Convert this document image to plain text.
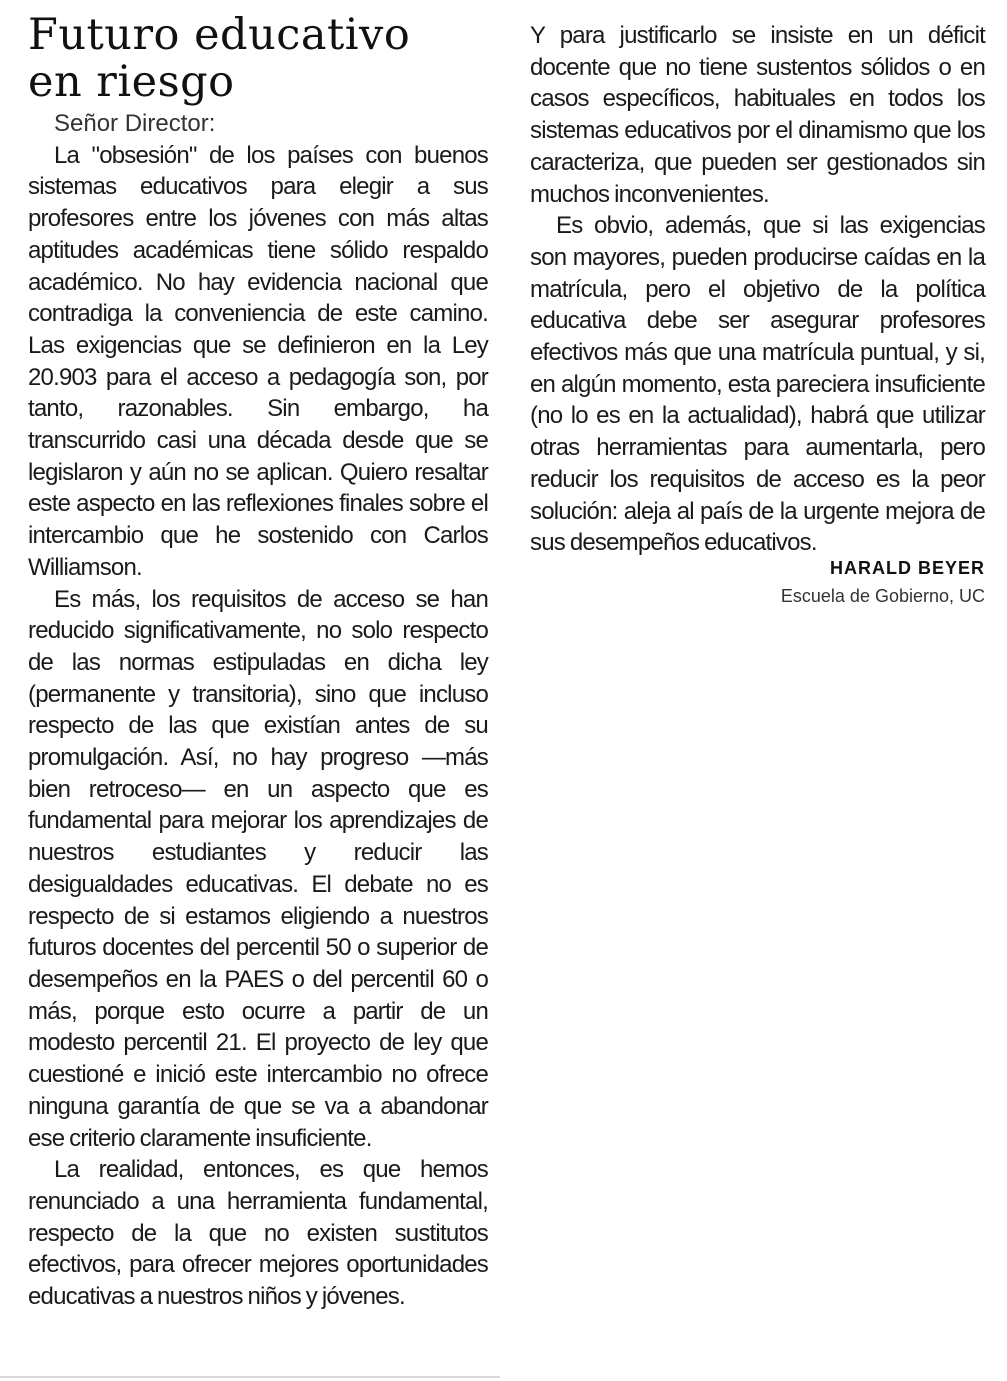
Futuro educativo
en riesgo
Señor Director:

La "obsesión" de los países con buenos sistemas educativos para elegir a sus profesores entre los jóvenes con más altas aptitudes académicas tiene sólido respaldo académico. No hay evidencia nacional que contradiga la conveniencia de este camino. Las exigencias que se definieron en la Ley 20.903 para el acceso a pedagogía son, por tanto, razonables. Sin embargo, ha transcurrido casi una década desde que se legislaron y aún no se aplican. Quiero resaltar este aspecto en las reflexiones finales sobre el intercambio que he sostenido con Carlos Williamson.

Es más, los requisitos de acceso se han reducido significativamente, no solo respecto de las normas estipuladas en dicha ley (permanente y transitoria), sino que incluso respecto de las que existían antes de su promulgación. Así, no hay progreso —más bien retroceso— en un aspecto que es fundamental para mejorar los aprendizajes de nuestros estudiantes y reducir las desigualdades educativas. El debate no es respecto de si estamos eligiendo a nuestros futuros docentes del percentil 50 o superior de desempeños en la PAES o del percentil 60 o más, porque esto ocurre a partir de un modesto percentil 21. El proyecto de ley que cuestioné e inició este intercambio no ofrece ninguna garantía de que se va a abandonar ese criterio claramente insuficiente.

La realidad, entonces, es que hemos renunciado a una herramienta fundamental, respecto de la que no existen sustitutos efectivos, para ofrecer mejores oportunidades educativas a nuestros niños y jóvenes.

Y para justificarlo se insiste en un déficit docente que no tiene sustentos sólidos o en casos específicos, habituales en todos los sistemas educativos por el dinamismo que los caracteriza, que pueden ser gestionados sin muchos inconvenientes.

Es obvio, además, que si las exigencias son mayores, pueden producirse caídas en la matrícula, pero el objetivo de la política educativa debe ser asegurar profesores efectivos más que una matrícula puntual, y si, en algún momento, esta pareciera insuficiente (no lo es en la actualidad), habrá que utilizar otras herramientas para aumentarla, pero reducir los requisitos de acceso es la peor solución: aleja al país de la urgente mejora de sus desempeños educativos.

HARALD BEYER
Escuela de Gobierno, UC
